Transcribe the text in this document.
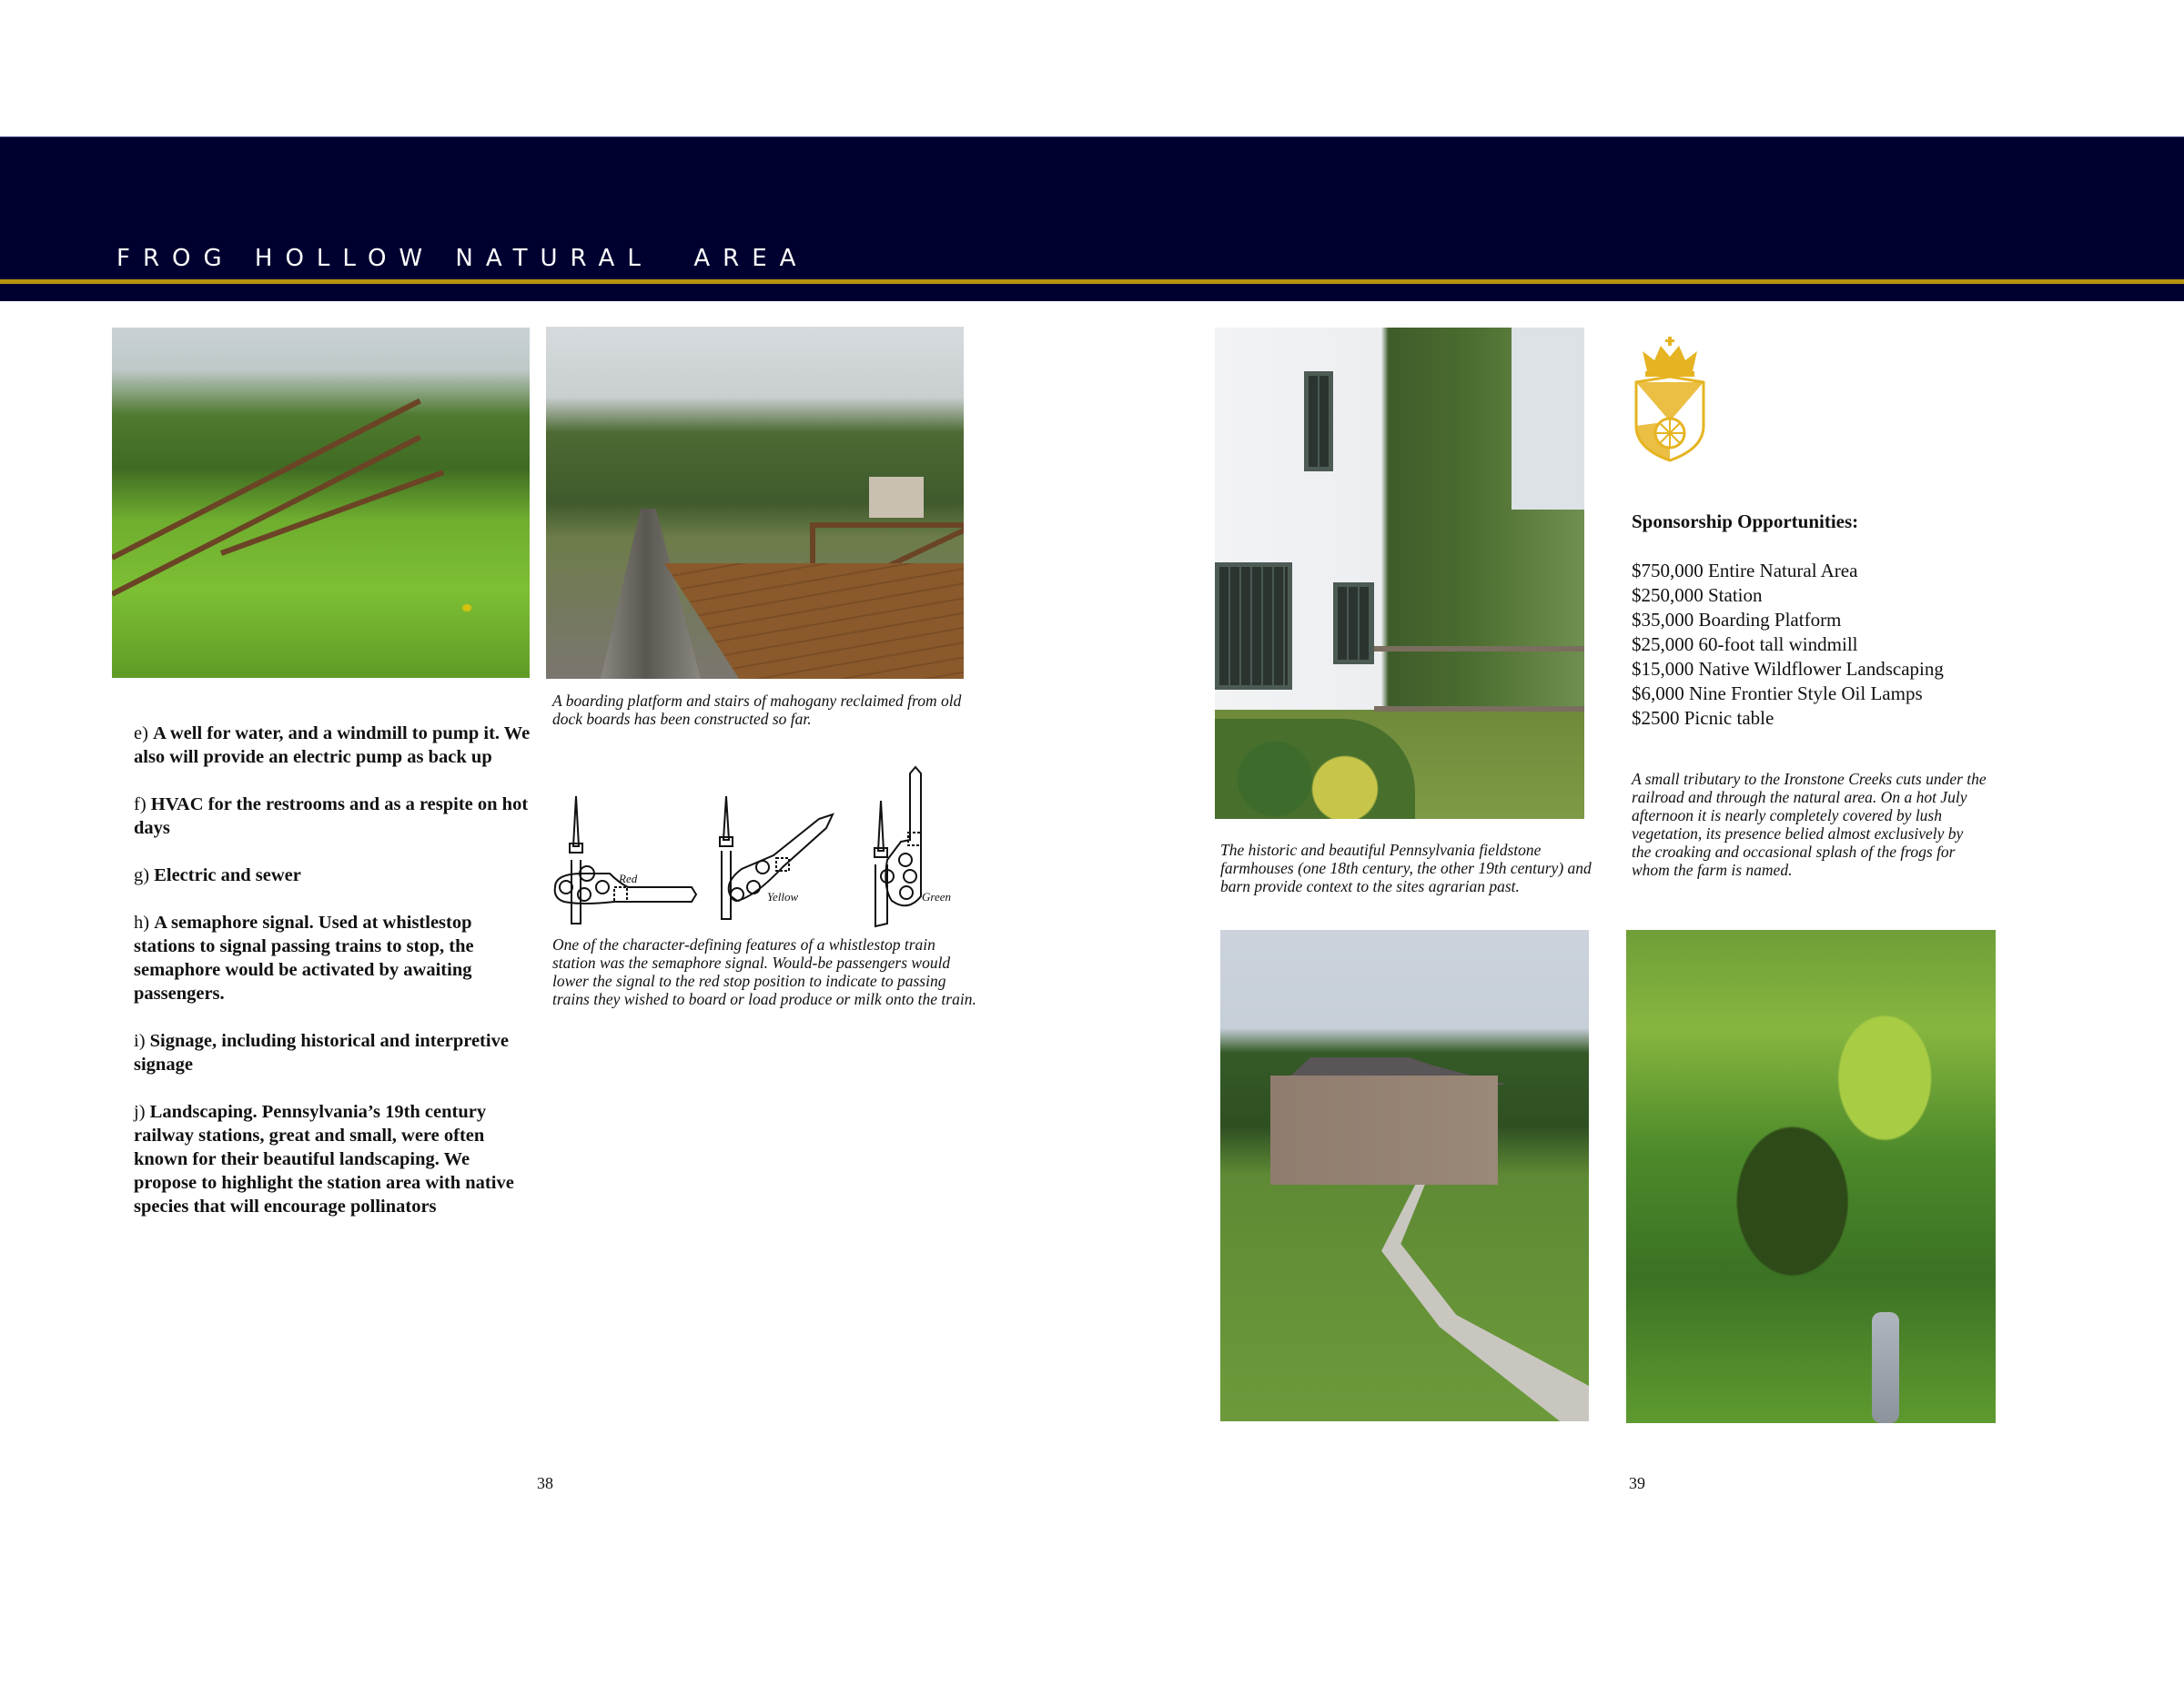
FROG HOLLOW NATURAL  AREA
A boarding platform and stairs of mahogany reclaimed from old dock boards has been constructed so far.
e) A well for water, and a windmill to pump it. We also will provide an electric pump as back up
f) HVAC for the restrooms and as a respite on hot days
g) Electric and sewer
h) A semaphore signal. Used at whistlestop stations to signal passing trains to stop, the semaphore would be activated by awaiting passengers.
i) Signage, including historical and interpretive signage
j) Landscaping. Pennsylvania’s 19th century railway stations, great and small, were often known for their beautiful landscaping. We propose to highlight the station area with native species that will encourage pollinators
Red
Yellow	Green
One of the character-defining features of a whistlestop train station was the semaphore signal. Would-be passengers would lower the signal to the red stop position to indicate to passing trains they wished to board or load produce or milk onto the train.
38
Sponsorship Opportunities:
$750,000 Entire Natural Area
$250,000 Station
$35,000 Boarding Platform
$25,000 60-foot tall windmill
$15,000 Native Wildflower Landscaping
$6,000 Nine Frontier Style Oil Lamps
$2500 Picnic table
A small tributary to the Ironstone Creeks cuts under the railroad and through the natural area. On a hot July afternoon it is nearly completely covered by lush vegetation, its presence belied almost exclusively by the croaking and occasional splash of the frogs for whom the farm is named.
The historic and beautiful Pennsylvania fieldstone farmhouses (one 18th century, the other 19th century) and barn provide context to the sites agrarian past.
39
